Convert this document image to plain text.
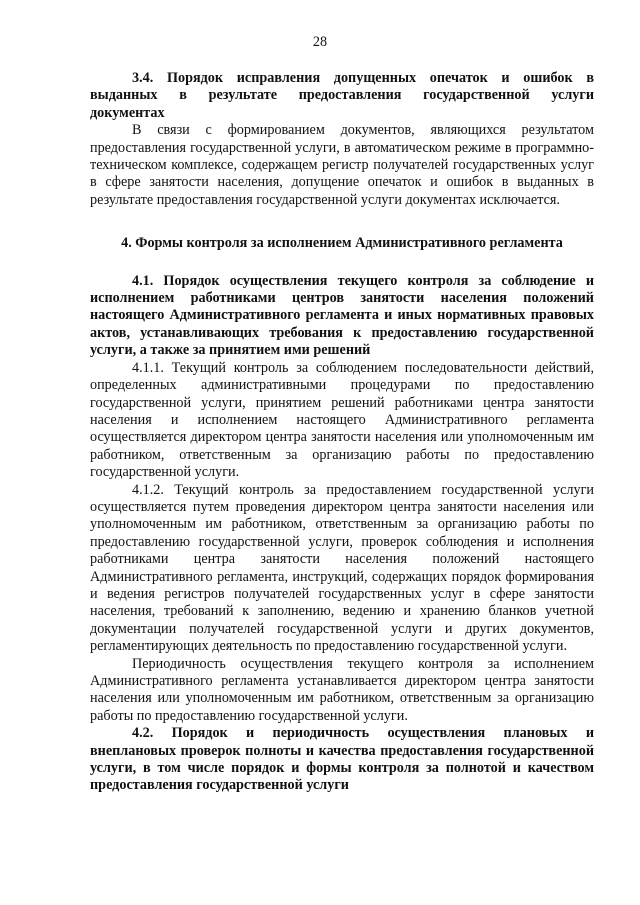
28

3.4. Порядок исправления допущенных опечаток и ошибок в выданных в результате предоставления государственной услуги документах

В связи с формированием документов, являющихся результатом предоставления государственной услуги, в автоматическом режиме в программно-техническом комплексе, содержащем регистр получателей государственных услуг в сфере занятости населения, допущение опечаток и ошибок в выданных в результате предоставления государственной услуги документах исключается.

4. Формы контроля за исполнением Административного регламента

4.1. Порядок осуществления текущего контроля за соблюдение и исполнением работниками центров занятости населения положений настоящего Административного регламента и иных нормативных правовых актов, устанавливающих требования к предоставлению государственной услуги, а также за принятием ими решений

4.1.1. Текущий контроль за соблюдением последовательности действий, определенных административными процедурами по предоставлению государственной услуги, принятием решений работниками центра занятости населения и исполнением настоящего Административного регламента осуществляется директором центра занятости населения или уполномоченным им работником, ответственным за организацию работы по предоставлению государственной услуги.

4.1.2. Текущий контроль за предоставлением государственной услуги осуществляется путем проведения директором центра занятости населения или уполномоченным им работником, ответственным за организацию работы по предоставлению государственной услуги, проверок соблюдения и исполнения работниками центра занятости населения положений настоящего Административного регламента, инструкций, содержащих порядок формирования и ведения регистров получателей государственных услуг в сфере занятости населения, требований к заполнению, ведению и хранению бланков учетной документации получателей государственной услуги и других документов, регламентирующих деятельность по предоставлению государственной услуги.

Периодичность осуществления текущего контроля за исполнением Административного регламента устанавливается директором центра занятости населения или уполномоченным им работником, ответственным за организацию работы по предоставлению государственной услуги.

4.2. Порядок и периодичность осуществления плановых и внеплановых проверок полноты и качества предоставления государственной услуги, в том числе порядок и формы контроля за полнотой и качеством предоставления государственной услуги
